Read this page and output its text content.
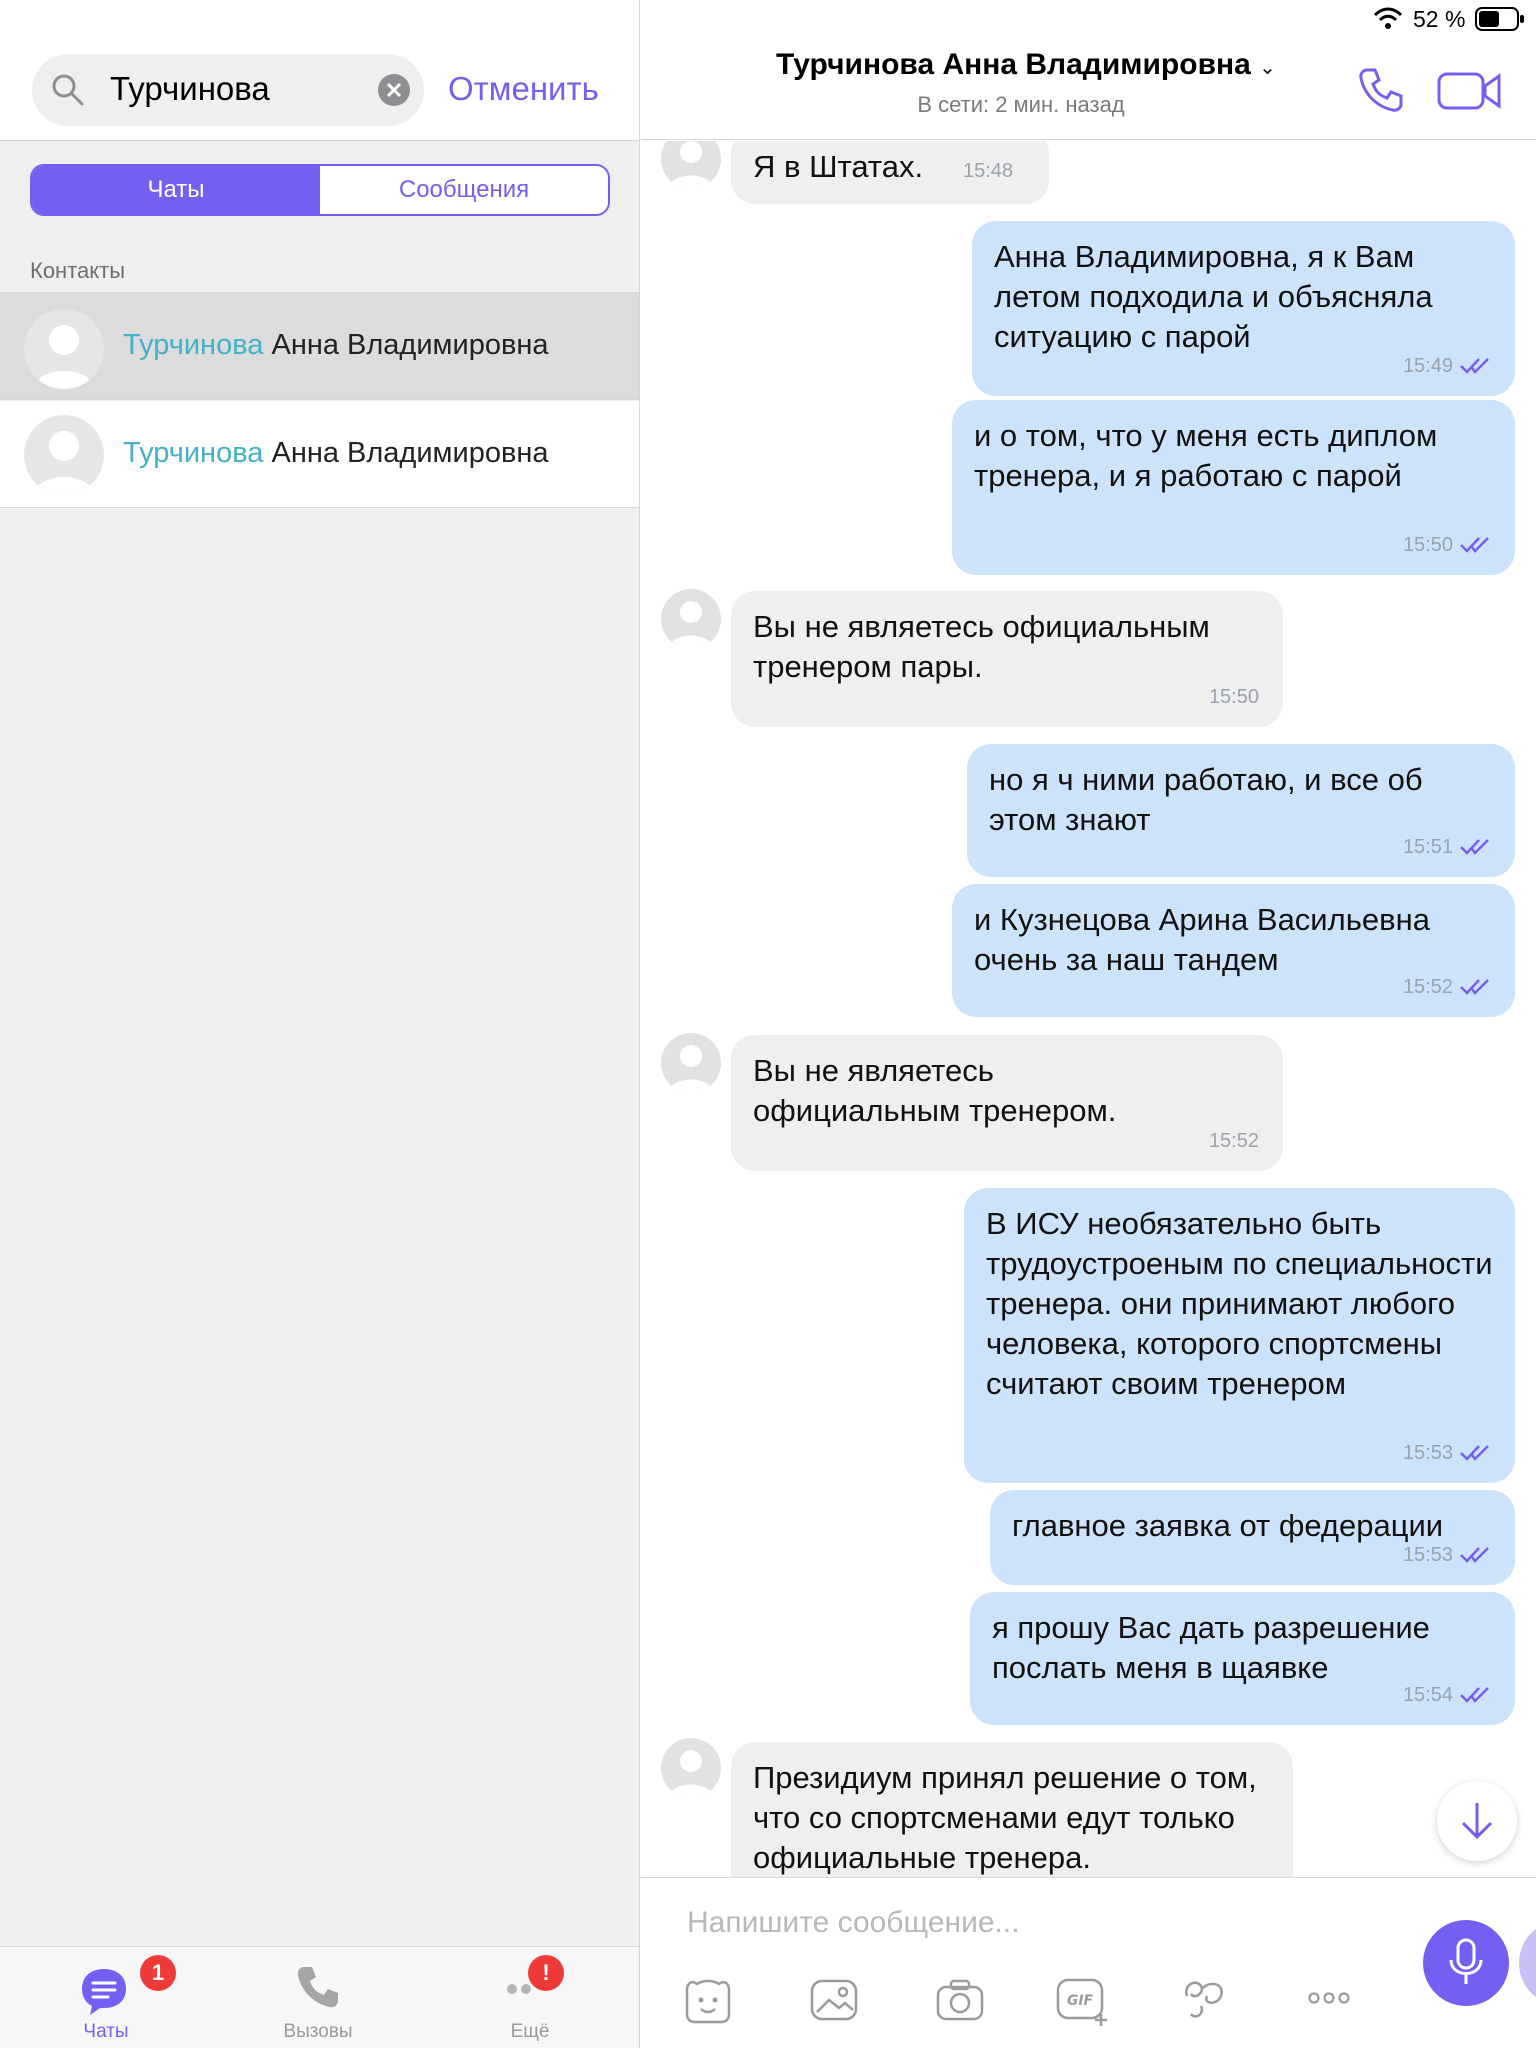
Турчинова	Отменить
Чаты	Сообщения
Контакты
Турчинова Анна Владимировна
Турчинова Анна Владимировна
1
Чаты	Вызовы
!
Ещё
Я в Штатах. 15:48
Анна Владимировна, я к Вам летом подходила и объясняла ситуацию с парой
15:49
и о том, что у меня есть диплом тренера, и я работаю с парой
15:50
Вы не являетесь официальным тренером пары.
15:50
но я ч ними работаю, и все об этом знают
15:51
и Кузнецова Арина Васильевна очень за наш тандем
15:52
Вы не являетесь официальным тренером.
15:52
В ИСУ необязательно быть трудоустроеным по специальности тренера. они принимают любого человека, которого спортсмены считают своим тренером
15:53
главное заявка от федерации
15:53
я прошу Вас дать разрешение послать меня в щаявке
15:54
Президиум принял решение о том, что со спортсменами едут только официальные тренера.
Турчинова Анна Владимировна ⌄
В сети: 2 мин. назад
52 %
Напишите сообщение...
GIF
